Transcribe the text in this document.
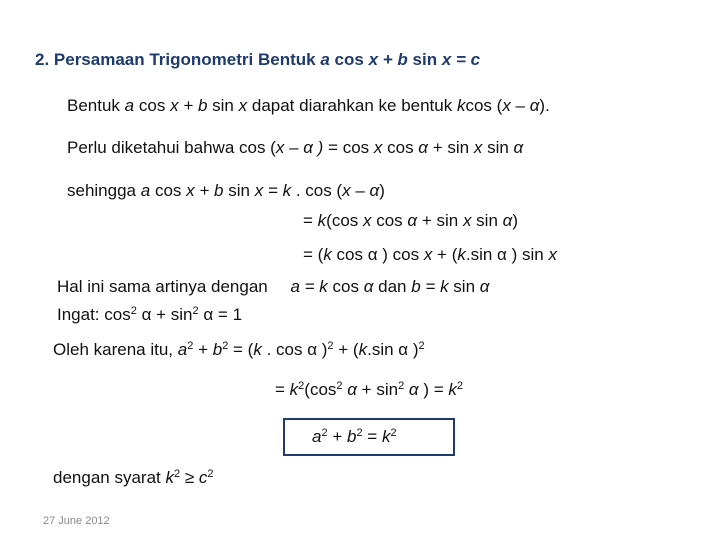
2. Persamaan Trigonometri Bentuk a cos x + b sin x = c
Bentuk a cos x + b sin x dapat diarahkan ke bentuk kcos (x – α).
Perlu diketahui bahwa cos (x – α ) = cos x cos α + sin x sin α
sehingga a cos x + b sin x = k . cos (x – α)
= k(cos x cos α + sin x sin α)
= (k cos α ) cos x + (k.sin α ) sin x
Hal ini sama artinya dengan a = k cos α dan b = k sin α
Ingat: $\cos^2 \alpha + \sin^2 \alpha = 1$
Oleh karena itu, $a^2 + b^2 = (k$ . cos α )$^2$ + (k.sin α )$^2$
= $k^2(\cos^2$ $\alpha + \sin^2 \alpha$ ) = $k^2$
$a^2 + b^2 = k^2$
dengan syarat $k^2 \ge c^2$
27 June 2012
